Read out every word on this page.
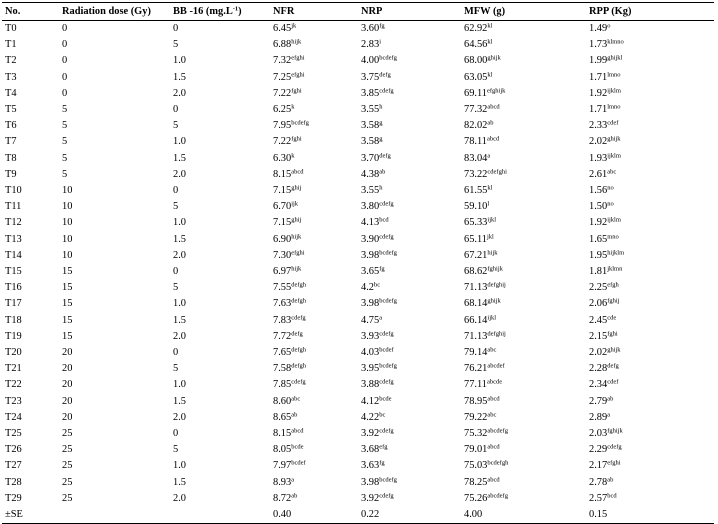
No.	Radiation dose (Gy)	BB -16 $(mg.L^{-1})$	NFR	NRP	MFW (g)	RPP (Kg)
T0	0	0	$6.45^{jk}$	3.60$^{fg}$	$62.92^{kl}$	1.49$^o$
T1	0	5	$6.88^{hijk}$	2.83$^i$	$64.56^{kl}$	$1.73^{klmno}$
T2	0	1.0	$7.32^{efghi}$	$4.00^{bcdefg}$	$68.00^{ghijk}$	$1.99^{ghijkl}$
T3	0	1.5	$7.25^{efghi}$	$3.75^{defg}$	$63.05^{kl}$	$1.71^{lmno}$
T4	0	2.0	$7.22^{fghi}$	$3.85^{cdefg}$	$69.11^{efghijk}$	$1.92^{ijklm}$
T5	5	0	6.25$^k$	3.55$^h$	$77.32^{abcd}$	$1.71^{lmno}$
T6	5	5	$7.95^{bcdefg}$	3.58$^g$	82.02$^{ab}$	$2.33^{cdef}$
T7	5	1.0	$7.22^{fghi}$	3.58$^g$	$78.11^{abcd}$	$2.02^{ghijk}$
T8	5	1.5	6.30$^k$	$3.70^{defg}$	83.04$^a$	$1.93^{ijklm}$
T9	5	2.0	$8.15^{abcd}$	4.38$^{ab}$	$73.22^{cdefghi}$	2.61$^{abc}$
T10	10	0	$7.15^{ghij}$	3.55$^h$	$61.55^{kl}$	$1.56^{no}$
T11	10	5	$6.70^{ijk}$	$3.80^{cdefg}$	59.10$^l$	$1.50^{no}$
T12	10	1.0	$7.15^{ghij}$	4.13$^{bcd}$	$65.33^{ijkl}$	$1.92^{ijklm}$
T13	10	1.5	$6.90^{hijk}$	$3.90^{cdefg}$	$65.11^{jkl}$	$1.65^{mno}$
T14	10	2.0	$7.30^{efghi}$	$3.98^{bcdefg}$	$67.21^{hijk}$	$1.95^{hijklm}$
T15	15	0	$6.97^{hijk}$	3.65$^{fg}$	$68.62^{fghijk}$	$1.81^{jklmn}$
T16	15	5	$7.55^{defgh}$	4.2$^{bc}$	$71.13^{defghij}$	$2.25^{efgh}$
T17	15	1.0	$7.63^{defgh}$	$3.98^{bcdefg}$	$68.14^{ghijk}$	$2.06^{fghij}$
T18	15	1.5	$7.83^{cdefg}$	4.75$^a$	$66.14^{ijkl}$	2.45$^{cde}$
T19	15	2.0	$7.72^{defg}$	$3.93^{cdefg}$	$71.13^{defghij}$	$2.15^{fghi}$
T20	20	0	$7.65^{defgh}$	$4.03^{bcdef}$	79.14$^{abc}$	$2.02^{ghijk}$
T21	20	5	$7.58^{defgh}$	$3.95^{bcdefg}$	$76.21^{abcdef}$	$2.28^{defg}$
T22	20	1.0	$7.85^{cdefg}$	$3.88^{cdefg}$	$77.11^{abcde}$	$2.34^{cdef}$
T23	20	1.5	8.60$^{abc}$	$4.12^{bcde}$	$78.95^{abcd}$	2.79$^{ab}$
T24	20	2.0	8.65$^{ab}$	4.22$^{bc}$	79.22$^{abc}$	2.89$^a$
T25	25	0	$8.15^{abcd}$	$3.92^{cdefg}$	$75.32^{abcdefg}$	$2.03^{fghijk}$
T26	25	5	$8.05^{bcde}$	3.68$^{efg}$	$79.01^{abcd}$	$2.29^{cdefg}$
T27	25	1.0	$7.97^{bcdef}$	3.63$^{fg}$	$75.03^{bcdefgh}$	$2.17^{efghi}$
T28	25	1.5	8.93$^a$	$3.98^{bcdefg}$	$78.25^{abcd}$	2.78$^{ab}$
T29	25	2.0	8.72$^{ab}$	$3.92^{cdefg}$	$75.26^{abcdefg}$	2.57$^{bcd}$
±SE			0.40	0.22	4.00	0.15
